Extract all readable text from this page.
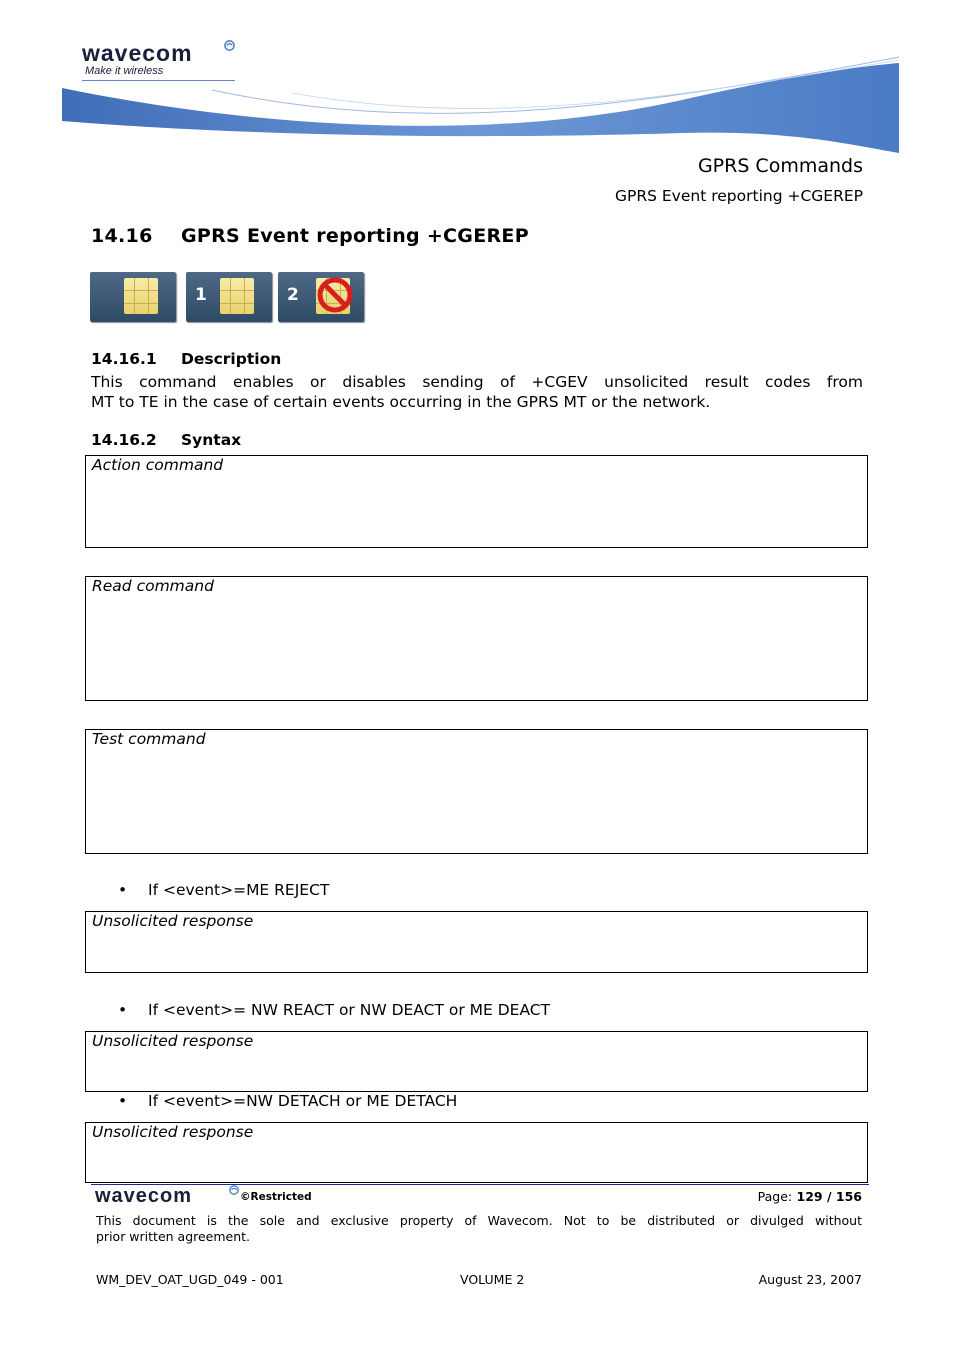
wavecom
Make it wireless
GPRS Commands
GPRS Event reporting +CGEREP
14.16 GPRS Event reporting +CGEREP
1	2
14.16.1 Description
This command enables or disables sending of +CGEV unsolicited result codes from
MT to TE in the case of certain events occurring in the GPRS MT or the network.
14.16.2 Syntax
Action command
Read command
Test command
• If <event>=ME REJECT
Unsolicited response
• If <event>= NW REACT or NW DEACT or ME DEACT
Unsolicited response
• If <event>=NW DETACH or ME DETACH
Unsolicited response
wavecom	©Restricted	Page: 129 / 156
This document is the sole and exclusive property of Wavecom. Not to be distributed or divulged without
prior written agreement.
WM_DEV_OAT_UGD_049 - 001	VOLUME 2	August 23, 2007
